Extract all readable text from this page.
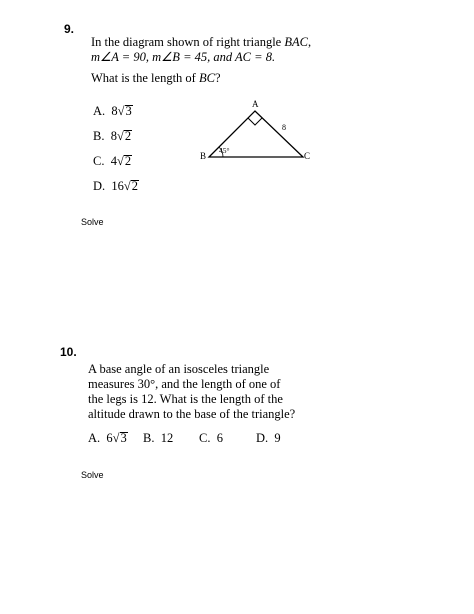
9.
In the diagram shown of right triangle BAC,
m∠A = 90, m∠B = 45, and AC = 8.
What is the length of BC?
A. 8√3
B. 8√2
C. 4√2
D. 16√2
A
B	C
8
45°
Solve
10.
A base angle of an isosceles triangle
measures 30°, and the length of one of
the legs is 12. What is the length of the
altitude drawn to the base of the triangle?
A. 6√3 B. 12 C. 6	D. 9
Solve
